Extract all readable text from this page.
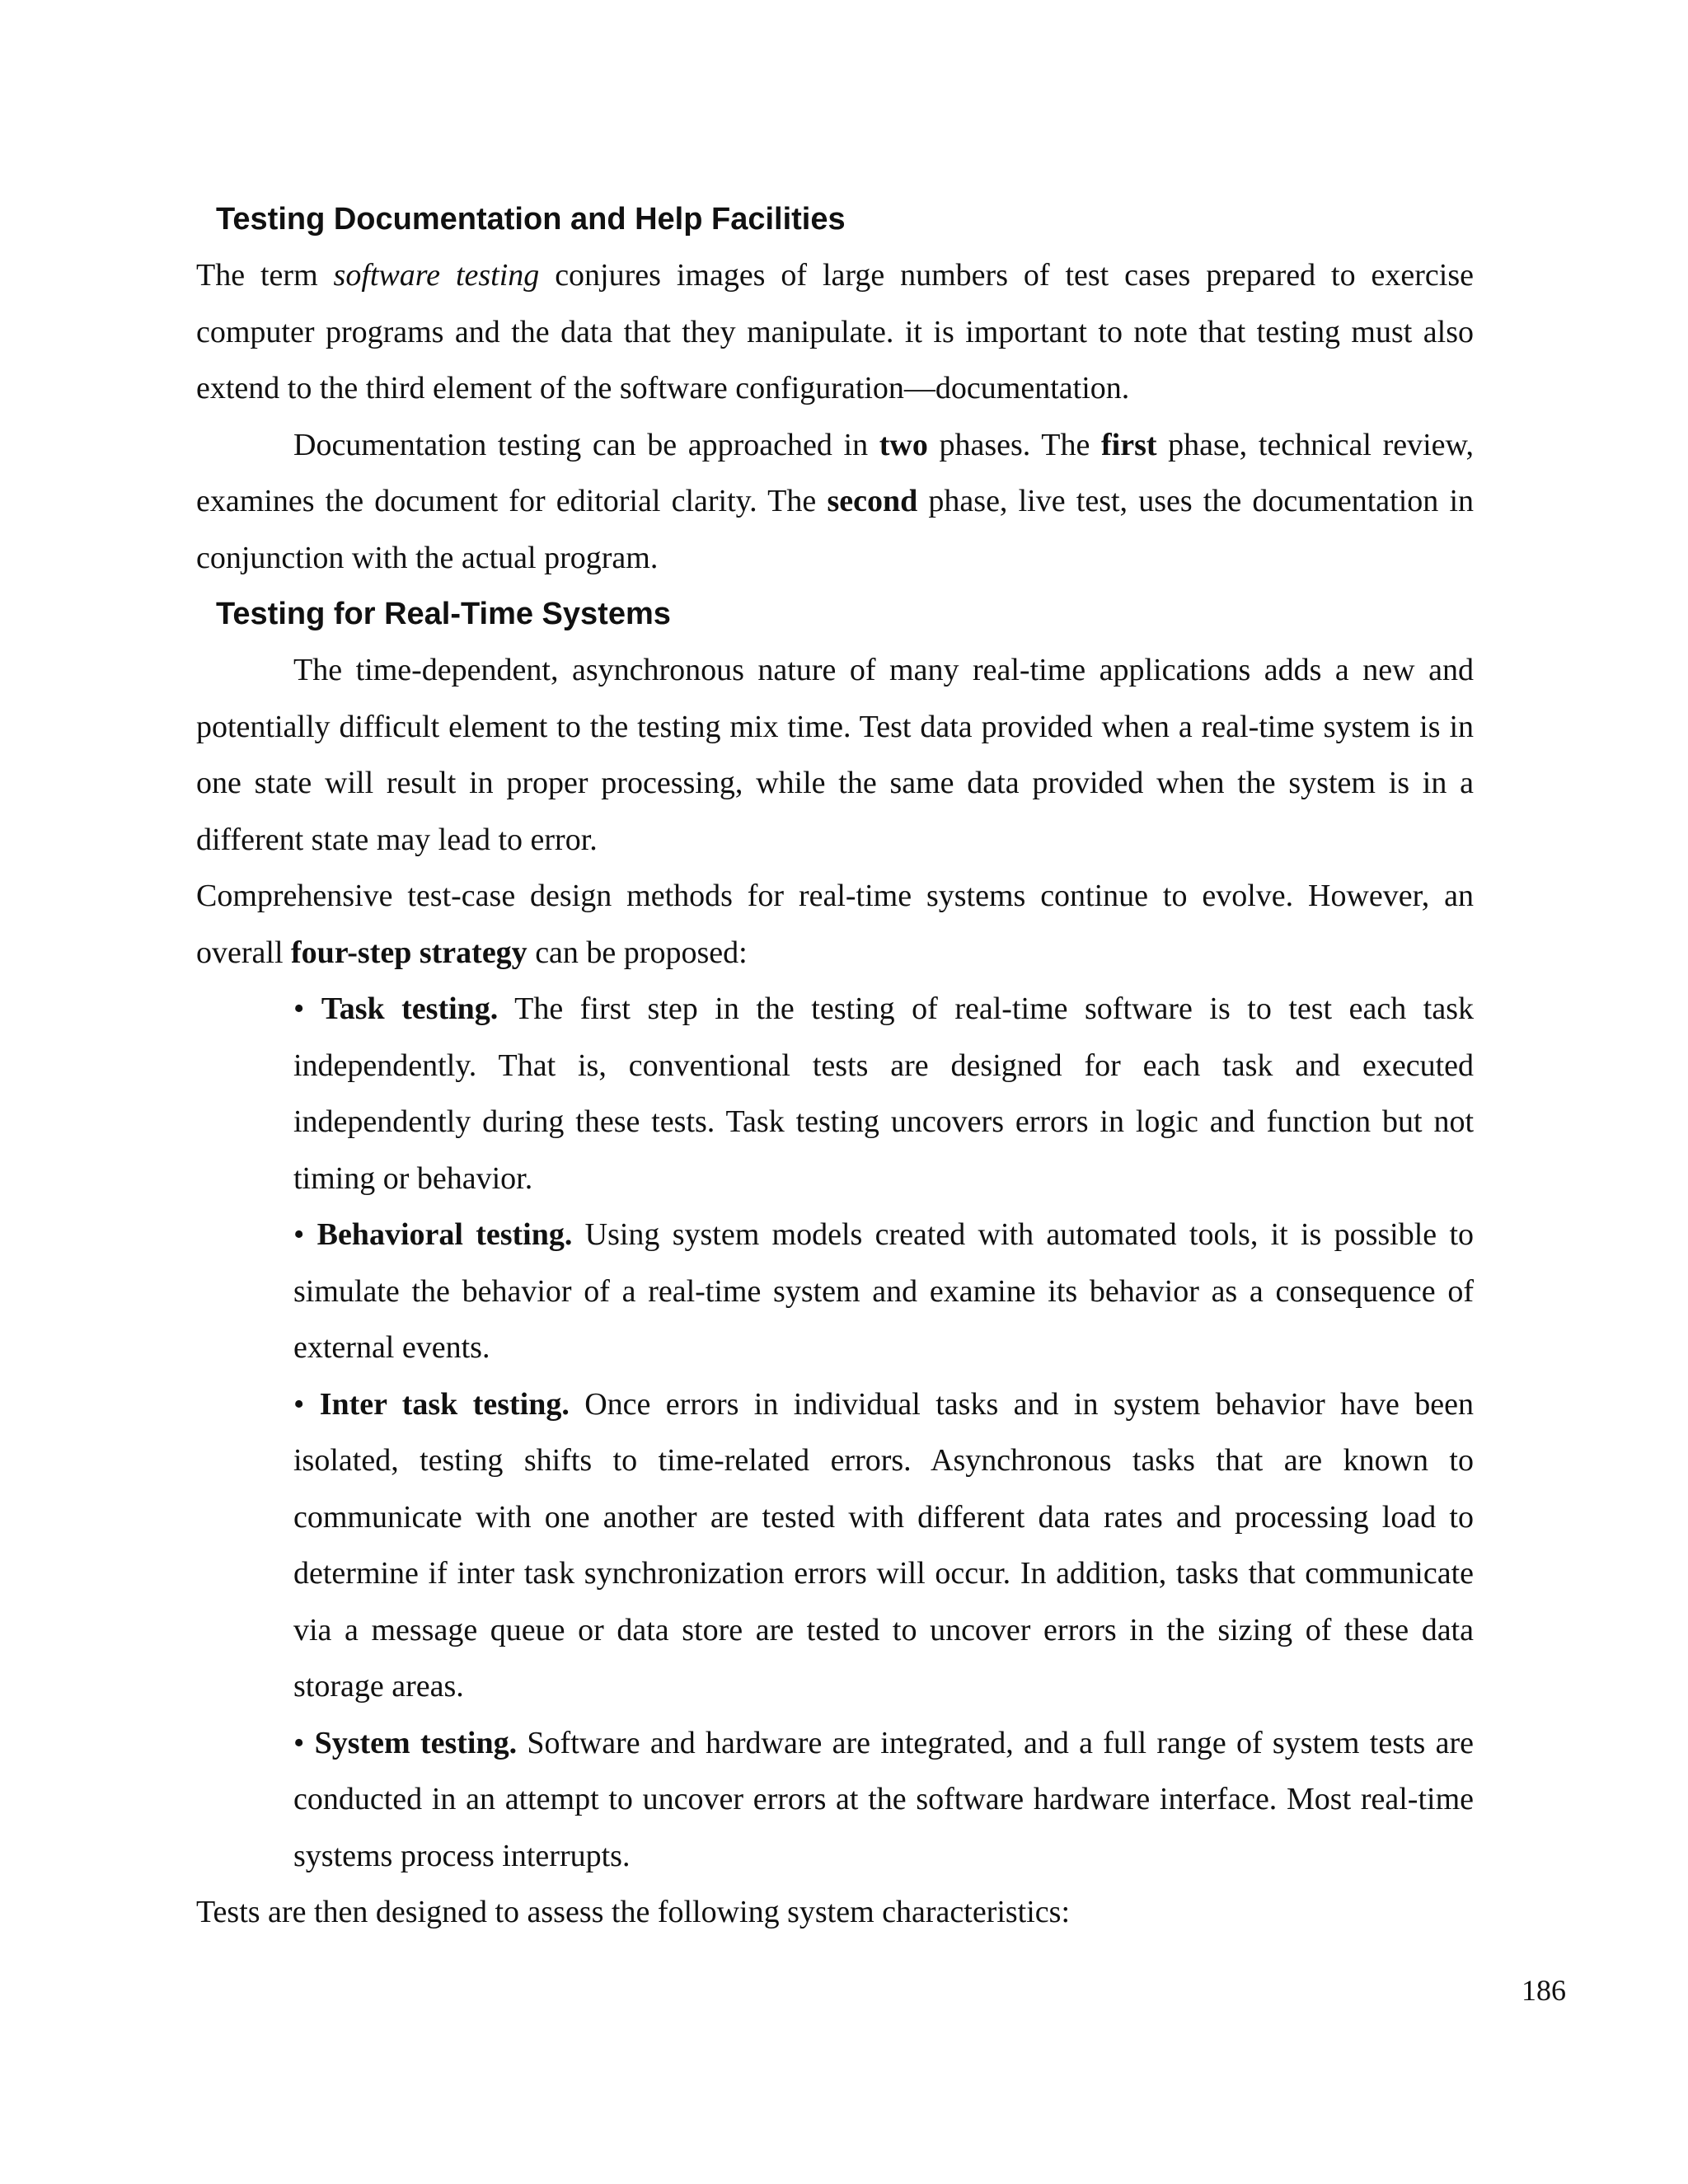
Testing Documentation and Help Facilities

The term software testing conjures images of large numbers of test cases prepared to exercise computer programs and the data that they manipulate. it is important to note that testing must also extend to the third element of the software configuration—documentation.

Documentation testing can be approached in two phases. The first phase, technical review, examines the document for editorial clarity. The second phase, live test, uses the documentation in conjunction with the actual program.

Testing for Real-Time Systems

The time-dependent, asynchronous nature of many real-time applications adds a new and potentially difficult element to the testing mix time. Test data provided when a real-time system is in one state will result in proper processing, while the same data provided when the system is in a different state may lead to error.

Comprehensive test-case design methods for real-time systems continue to evolve. However, an overall four-step strategy can be proposed:

• Task testing. The first step in the testing of real-time software is to test each task independently. That is, conventional tests are designed for each task and executed independently during these tests. Task testing uncovers errors in logic and function but not timing or behavior.
• Behavioral testing. Using system models created with automated tools, it is possible to simulate the behavior of a real-time system and examine its behavior as a consequence of external events.
• Inter task testing. Once errors in individual tasks and in system behavior have been isolated, testing shifts to time-related errors. Asynchronous tasks that are known to communicate with one another are tested with different data rates and processing load to determine if inter task synchronization errors will occur. In addition, tasks that communicate via a message queue or data store are tested to uncover errors in the sizing of these data storage areas.
• System testing. Software and hardware are integrated, and a full range of system tests are conducted in an attempt to uncover errors at the software hardware interface. Most real-time systems process interrupts.

Tests are then designed to assess the following system characteristics:

186
